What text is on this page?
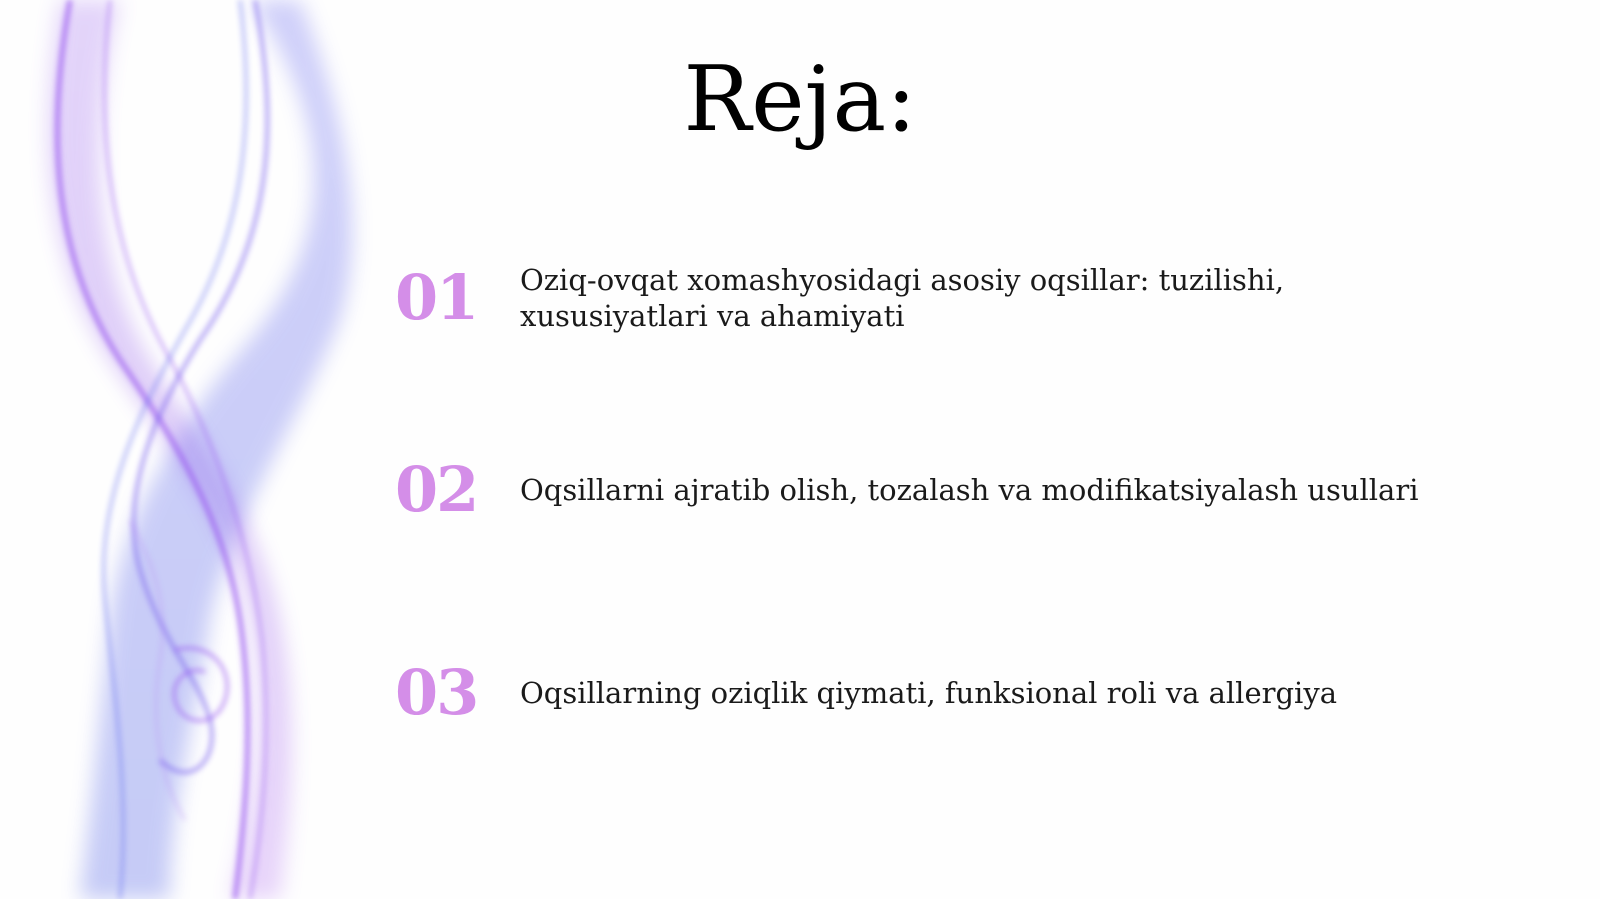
Reja:
01	Oziq-ovqat xomashyosidagi asosiy oqsillar: tuzilishi, xususiyatlari va ahamiyati
02	Oqsillarni ajratib olish, tozalash va modifikatsiyalash usullari
03	Oqsillarning oziqlik qiymati, funksional roli va allergiya
